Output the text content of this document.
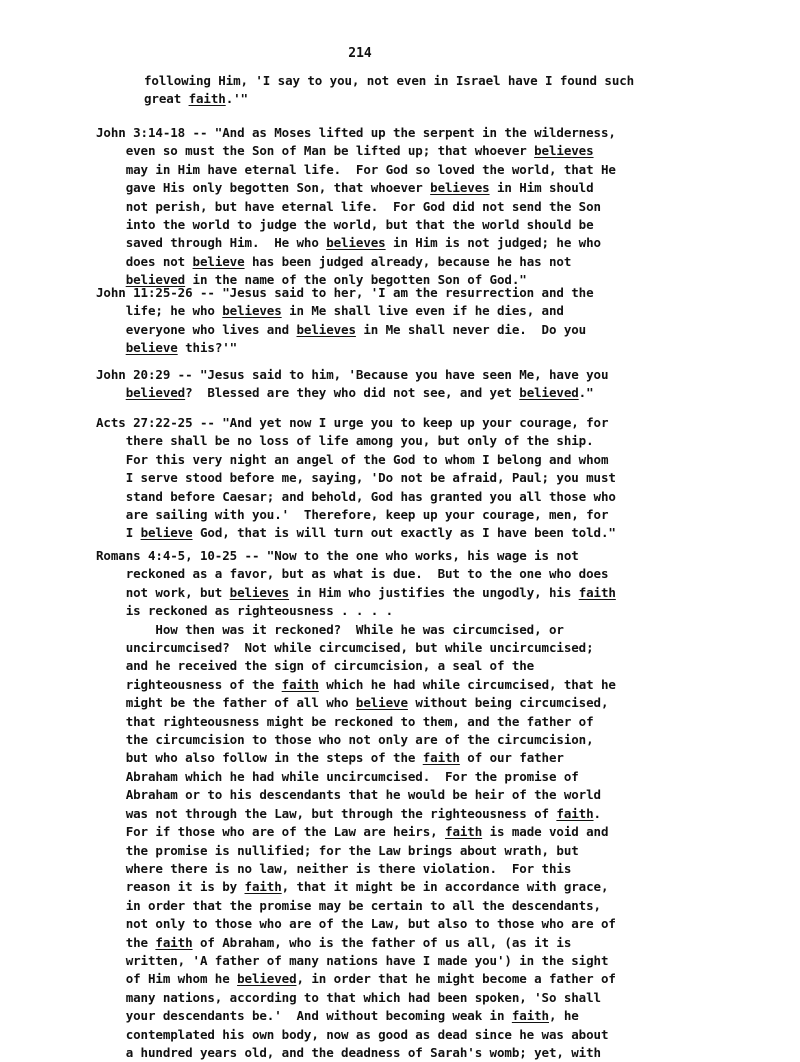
214
following Him, 'I say to you, not even in Israel have I found such
great faith.'"
John 3:14-18 -- "And as Moses lifted up the serpent in the wilderness,
even so must the Son of Man be lifted up; that whoever believes
may in Him have eternal life.  For God so loved the world, that He
gave His only begotten Son, that whoever believes in Him should
not perish, but have eternal life.  For God did not send the Son
into the world to judge the world, but that the world should be
saved through Him.  He who believes in Him is not judged; he who
does not believe has been judged already, because he has not
believed in the name of the only begotten Son of God."
John 11:25-26 -- "Jesus said to her, 'I am the resurrection and the
life; he who believes in Me shall live even if he dies, and
everyone who lives and believes in Me shall never die.  Do you
believe this?'"
John 20:29 -- "Jesus said to him, 'Because you have seen Me, have you
believed?  Blessed are they who did not see, and yet believed."
Acts 27:22-25 -- "And yet now I urge you to keep up your courage, for
there shall be no loss of life among you, but only of the ship.
For this very night an angel of the God to whom I belong and whom
I serve stood before me, saying, 'Do not be afraid, Paul; you must
stand before Caesar; and behold, God has granted you all those who
are sailing with you.'  Therefore, keep up your courage, men, for
I believe God, that is will turn out exactly as I have been told."
Romans 4:4-5, 10-25 -- "Now to the one who works, his wage is not
reckoned as a favor, but as what is due.  But to the one who does
not work, but believes in Him who justifies the ungodly, his faith
is reckoned as righteousness . . . .
How then was it reckoned?  While he was circumcised, or
uncircumcised?  Not while circumcised, but while uncircumcised;
and he received the sign of circumcision, a seal of the
righteousness of the faith which he had while circumcised, that he
might be the father of all who believe without being circumcised,
that righteousness might be reckoned to them, and the father of
the circumcision to those who not only are of the circumcision,
but who also follow in the steps of the faith of our father
Abraham which he had while uncircumcised.  For the promise of
Abraham or to his descendants that he would be heir of the world
was not through the Law, but through the righteousness of faith.
For if those who are of the Law are heirs, faith is made void and
the promise is nullified; for the Law brings about wrath, but
where there is no law, neither is there violation.  For this
reason it is by faith, that it might be in accordance with grace,
in order that the promise may be certain to all the descendants,
not only to those who are of the Law, but also to those who are of
the faith of Abraham, who is the father of us all, (as it is
written, 'A father of many nations have I made you') in the sight
of Him whom he believed, in order that he might become a father of
many nations, according to that which had been spoken, 'So shall
your descendants be.'  And without becoming weak in faith, he
contemplated his own body, now as good as dead since he was about
a hundred years old, and the deadness of Sarah's womb; yet, with
